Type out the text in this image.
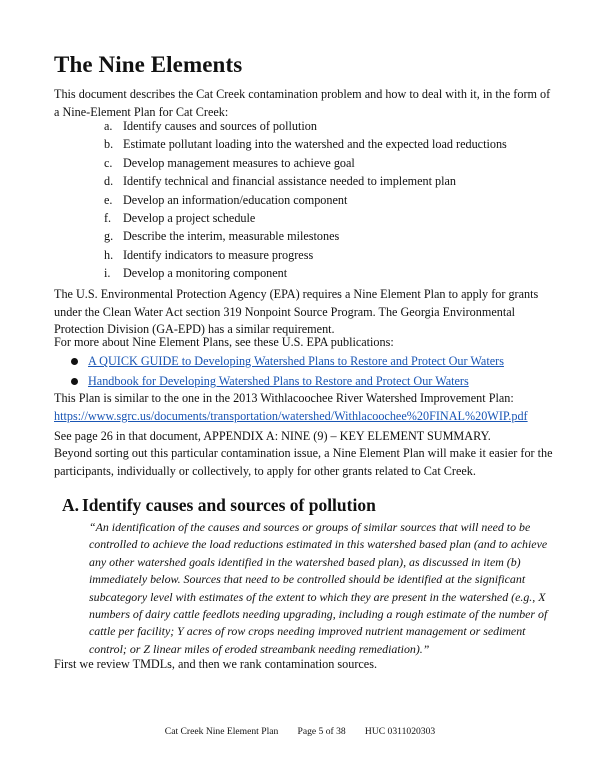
The Nine Elements

This document describes the Cat Creek contamination problem and how to deal with it, in the form of a Nine-Element Plan for Cat Creek:

a. Identify causes and sources of pollution
b. Estimate pollutant loading into the watershed and the expected load reductions
c. Develop management measures to achieve goal
d. Identify technical and financial assistance needed to implement plan
e. Develop an information/education component
f. Develop a project schedule
g. Describe the interim, measurable milestones
h. Identify indicators to measure progress
i. Develop a monitoring component

The U.S. Environmental Protection Agency (EPA) requires a Nine Element Plan to apply for grants under the Clean Water Act section 319 Nonpoint Source Program. The Georgia Environmental Protection Division (GA-EPD) has a similar requirement.

For more about Nine Element Plans, see these U.S. EPA publications:

A QUICK GUIDE to Developing Watershed Plans to Restore and Protect Our Waters
Handbook for Developing Watershed Plans to Restore and Protect Our Waters

This Plan is similar to the one in the 2013 Withlacoochee River Watershed Improvement Plan:

https://www.sgrc.us/documents/transportation/watershed/Withlacoochee%20FINAL%20WIP.pdf

See page 26 in that document, APPENDIX A: NINE (9) – KEY ELEMENT SUMMARY.

Beyond sorting out this particular contamination issue, a Nine Element Plan will make it easier for the participants, individually or collectively, to apply for other grants related to Cat Creek.

A. Identify causes and sources of pollution

“An identification of the causes and sources or groups of similar sources that will need to be controlled to achieve the load reductions estimated in this watershed based plan (and to achieve any other watershed goals identified in the watershed based plan), as discussed in item (b) immediately below. Sources that need to be controlled should be identified at the significant subcategory level with estimates of the extent to which they are present in the watershed (e.g., X numbers of dairy cattle feedlots needing upgrading, including a rough estimate of the number of cattle per facility; Y acres of row crops needing improved nutrient management or sediment control; or Z linear miles of eroded streambank needing remediation).”

First we review TMDLs, and then we rank contamination sources.

Cat Creek Nine Element Plan Page 5 of 38 HUC 0311020303
